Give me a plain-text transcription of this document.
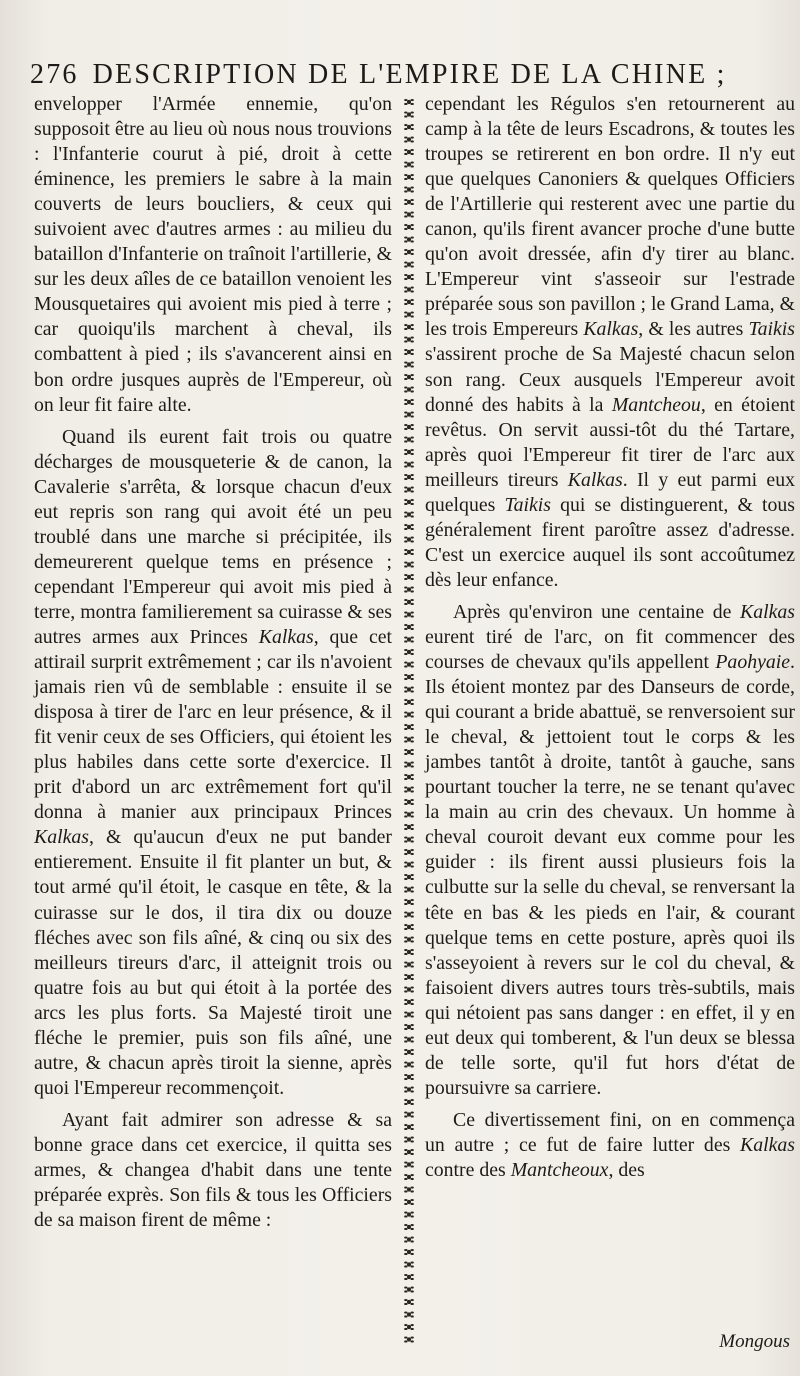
276 DESCRIPTION DE L'EMPIRE DE LA CHINE ;

envelopper l'Armée ennemie, qu'on supposoit être au lieu où nous nous trouvions : l'Infanterie courut à pié, droit à cette éminence, les premiers le sabre à la main couverts de leurs boucliers, & ceux qui suivoient avec d'autres armes : au milieu du bataillon d'Infanterie on traînoit l'artillerie, & sur les deux aîles de ce bataillon venoient les Mousquetaires qui avoient mis pied à terre ; car quoiqu'ils marchent à cheval, ils combattent à pied ; ils s'avancerent ainsi en bon ordre jusques auprès de l'Empereur, où on leur fit faire alte.

Quand ils eurent fait trois ou quatre décharges de mousqueterie & de canon, la Cavalerie s'arrêta, & lorsque chacun d'eux eut repris son rang qui avoit été un peu troublé dans une marche si précipitée, ils demeurerent quelque tems en présence ; cependant l'Empereur qui avoit mis pied à terre, montra familierement sa cuirasse & ses autres armes aux Princes Kalkas, que cet attirail surprit extrêmement ; car ils n'avoient jamais rien vû de semblable : ensuite il se disposa à tirer de l'arc en leur présence, & il fit venir ceux de ses Officiers, qui étoient les plus habiles dans cette sorte d'exercice. Il prit d'abord un arc extrêmement fort qu'il donna à manier aux principaux Princes Kalkas, & qu'aucun d'eux ne put bander entierement. Ensuite il fit planter un but, & tout armé qu'il étoit, le casque en tête, & la cuirasse sur le dos, il tira dix ou douze fléches avec son fils aîné, & cinq ou six des meilleurs tireurs d'arc, il atteignit trois ou quatre fois au but qui étoit à la portée des arcs les plus forts. Sa Majesté tiroit une fléche le premier, puis son fils aîné, une autre, & chacun après tiroit la sienne, après quoi l'Empereur recommençoit.

Ayant fait admirer son adresse & sa bonne grace dans cet exercice, il quitta ses armes, & changea d'habit dans une tente préparée exprès. Son fils & tous les Officiers de sa maison firent de même :

cependant les Régulos s'en retournerent au camp à la tête de leurs Escadrons, & toutes les troupes se retirerent en bon ordre. Il n'y eut que quelques Canoniers & quelques Officiers de l'Artillerie qui resterent avec une partie du canon, qu'ils firent avancer proche d'une butte qu'on avoit dressée, afin d'y tirer au blanc. L'Empereur vint s'asseoir sur l'estrade préparée sous son pavillon ; le Grand Lama, & les trois Empereurs Kalkas, & les autres Taikis s'assirent proche de Sa Majesté chacun selon son rang. Ceux ausquels l'Empereur avoit donné des habits à la Mantcheou, en étoient revêtus. On servit aussi-tôt du thé Tartare, après quoi l'Empereur fit tirer de l'arc aux meilleurs tireurs Kalkas. Il y eut parmi eux quelques Taikis qui se distinguerent, & tous généralement firent paroître assez d'adresse. C'est un exercice auquel ils sont accoûtumez dès leur enfance.

Après qu'environ une centaine de Kalkas eurent tiré de l'arc, on fit commencer des courses de chevaux qu'ils appellent Paohyaie. Ils étoient montez par des Danseurs de corde, qui courant a bride abattuë, se renversoient sur le cheval, & jettoient tout le corps & les jambes tantôt à droite, tantôt à gauche, sans pourtant toucher la terre, ne se tenant qu'avec la main au crin des chevaux. Un homme à cheval couroit devant eux comme pour les guider : ils firent aussi plusieurs fois la culbutte sur la selle du cheval, se renversant la tête en bas & les pieds en l'air, & courant quelque tems en cette posture, après quoi ils s'asseyoient à revers sur le col du cheval, & faisoient divers autres tours très-subtils, mais qui nétoient pas sans danger : en effet, il y en eut deux qui tomberent, & l'un deux se blessa de telle sorte, qu'il fut hors d'état de poursuivre sa carriere.

Ce divertissement fini, on en commença un autre ; ce fut de faire lutter des Kalkas contre des Mantcheoux, des

Mongous
